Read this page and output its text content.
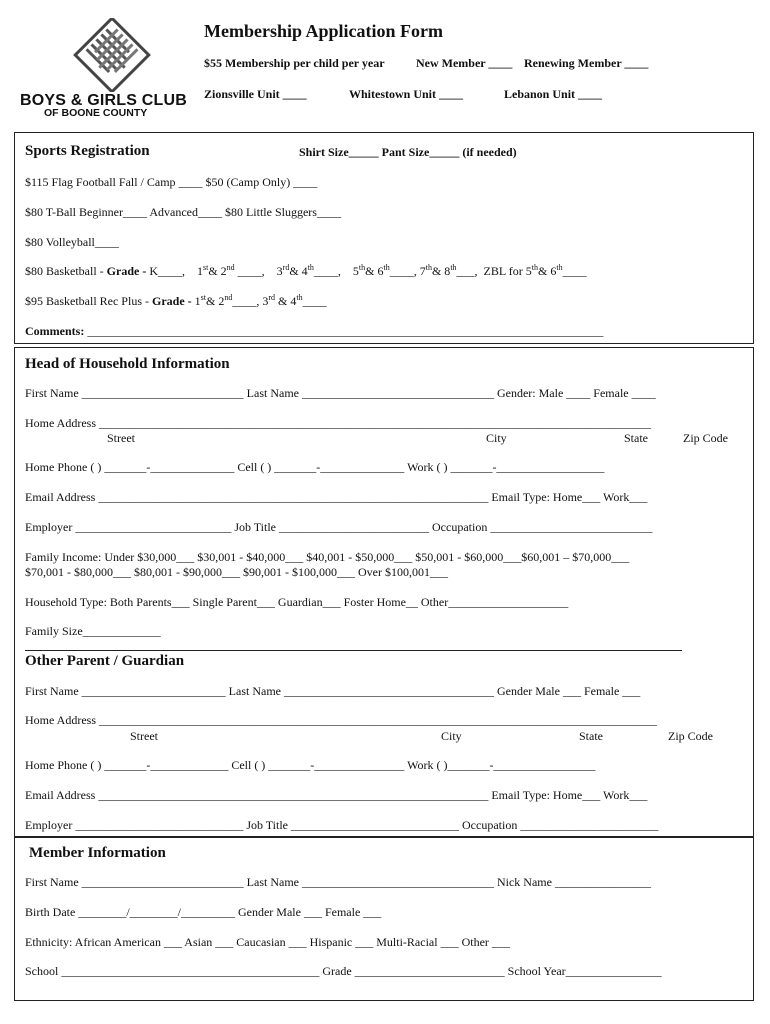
BOYS & GIRLS CLUB
OF BOONE COUNTY
Membership Application Form
$55 Membership per child per year	New Member ____ Renewing Member ____
Zionsville Unit ____	Whitestown Unit ____	Lebanon Unit ____
Sports Registration	Shirt Size_____ Pant Size_____ (if needed)
$115 Flag Football Fall / Camp ____ $50 (Camp Only) ____
$80 T-Ball Beginner____ Advanced____ $80 Little Sluggers____
$80 Volleyball____
$80 Basketball - Grade - K____, 1st& 2nd ____, 3rd& 4th____, 5th& 6th____, 7th& 8th___, ZBL for 5th& 6th____
$95 Basketball Rec Plus - Grade - 1st& 2nd____, 3rd & 4th____
Comments: ______________________________________________________________________________________
Head of Household Information
First Name ___________________________ Last Name ________________________________ Gender: Male ____ Female ____
Home Address ____________________________________________________________________________________________
Street	City	State	Zip Code
Home Phone ( ) _______-______________ Cell ( ) _______-______________ Work ( ) _______-__________________
Email Address _________________________________________________________________ Email Type: Home___ Work___
Employer __________________________ Job Title _________________________ Occupation ___________________________
Family Income: Under $30,000___ $30,001 - $40,000___ $40,001 - $50,000___ $50,001 - $60,000___$60,001 – $70,000___
$70,001 - $80,000___ $80,001 - $90,000___ $90,001 - $100,000___ Over $100,001___
Household Type: Both Parents___ Single Parent___ Guardian___ Foster Home__ Other____________________
Family Size_____________
Other Parent / Guardian
First Name ________________________ Last Name ___________________________________ Gender Male ___ Female ___
Home Address _____________________________________________________________________________________________
Street	City	State	Zip Code
Home Phone ( ) _______-_____________ Cell ( ) _______-_______________ Work ( )_______-_________________
Email Address _________________________________________________________________ Email Type: Home___ Work___
Employer ____________________________ Job Title ____________________________ Occupation _______________________
Member Information
First Name ___________________________ Last Name ________________________________ Nick Name ________________
Birth Date ________/________/_________ Gender Male ___ Female ___
Ethnicity: African American ___ Asian ___ Caucasian ___ Hispanic ___ Multi-Racial ___ Other ___
School ___________________________________________ Grade _________________________ School Year________________
